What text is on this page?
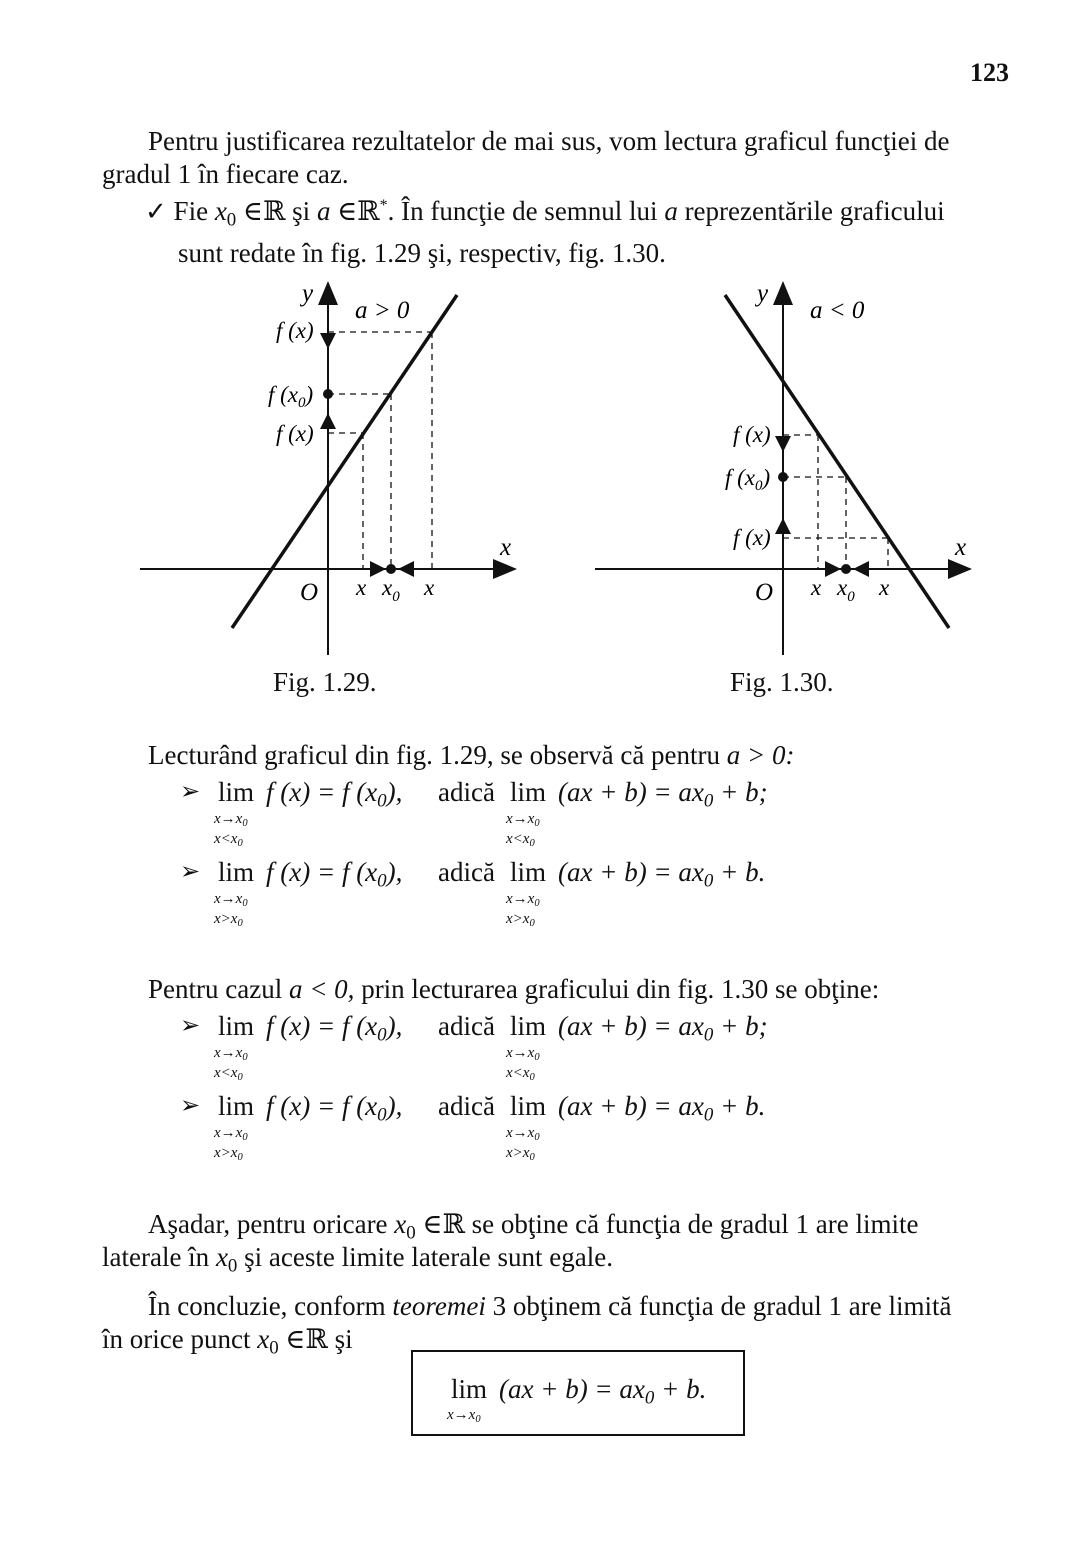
123
Pentru justificarea rezultatelor de mai sus, vom lectura graficul funcţiei de
gradul 1 în fiecare caz.
✓ Fie $x_0$ ∈ℝ şi a ∈ℝ*. În funcţie de semnul lui a reprezentările graficului
sunt redate în fig. 1.29 şi, respectiv, fig. 1.30.
y
a > 0
x
O
f (x)
f $(x_0)$
f (x)
x $x_0$ x
Fig. 1.29.
y
a < 0
x
O
f (x)
f $(x_0)$
f (x)
x $x_0$ x
Fig. 1.30.
Lecturând graficul din fig. 1.29, se observă că pentru a > 0:
➢ lim f (x) = f $(x_0)$, adică $\lim (ax + b) = ax_0 + b$;
$x\to x_0$
$x<x_0$
$x\to x_0$
$x<x_0$
➢ lim f (x) = f $(x_0)$, adică $\lim (ax + b) = ax_0 + b$.
$x\to x_0$
$x>x_0$
$x\to x_0$
$x>x_0$
Pentru cazul a < 0, prin lecturarea graficului din fig. 1.30 se obţine:
➢ lim f (x) = f $(x_0)$, adică $\lim (ax + b) = ax_0 + b$;
$x\to x_0$
$x<x_0$
$x\to x_0$
$x<x_0$
➢ lim f (x) = f $(x_0)$, adică $\lim (ax + b) = ax_0 + b$.
$x\to x_0$
$x>x_0$
$x\to x_0$
$x>x_0$
Aşadar, pentru oricare $x_0$ ∈ℝ se obţine că funcţia de gradul 1 are limite
laterale în $x_0$ şi aceste limite laterale sunt egale.
În concluzie, conform teoremei 3 obţinem că funcţia de gradul 1 are limită
în orice punct $x_0$ ∈ℝ şi
$\lim (ax + b) = ax_0 + b$.
$x\to x_0$
